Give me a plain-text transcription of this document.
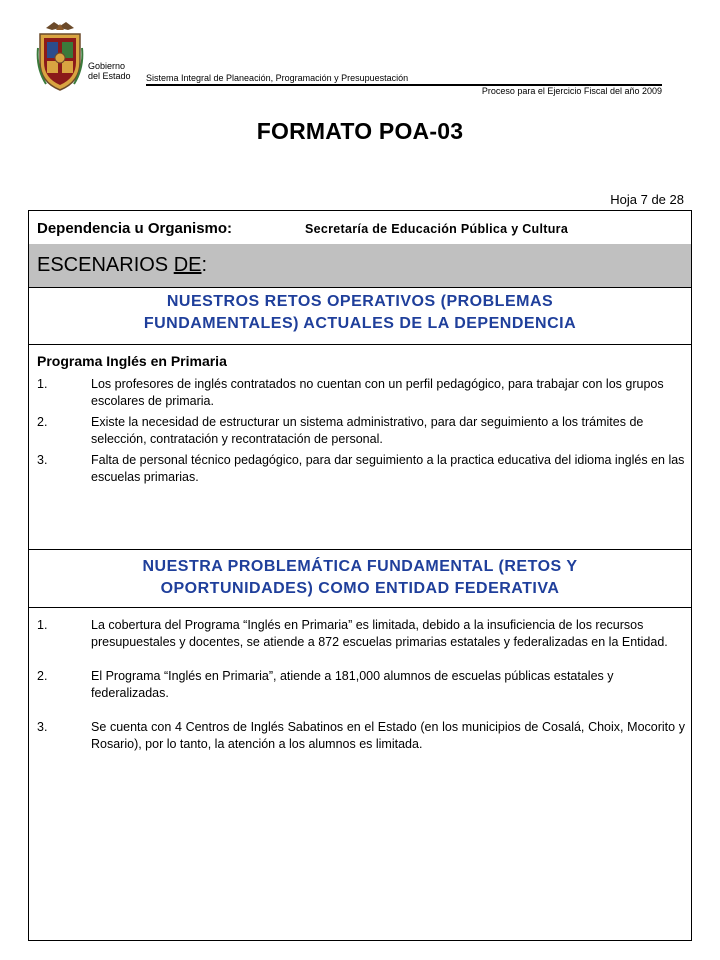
Gobierno
del Estado Sistema Integral de Planeación, Programación y Presupuestación
Proceso para el Ejercicio Fiscal del año 2009
FORMATO POA-03
Hoja 7 de 28
Dependencia u Organismo:	Secretaría de Educación Pública y Cultura
ESCENARIOS DE:
NUESTROS RETOS OPERATIVOS (PROBLEMAS
FUNDAMENTALES) ACTUALES DE LA DEPENDENCIA
Programa Inglés en Primaria
1.	Los profesores de inglés contratados no cuentan con un perfil pedagógico, para trabajar con los grupos escolares de primaria.
2.	Existe la necesidad de estructurar un sistema administrativo, para dar seguimiento a los trámites de selección, contratación y recontratación de personal.
3.	Falta de personal técnico pedagógico, para dar seguimiento a la practica educativa del idioma inglés en las escuelas primarias.
NUESTRA PROBLEMÁTICA FUNDAMENTAL (RETOS Y
OPORTUNIDADES) COMO ENTIDAD FEDERATIVA
1.	La cobertura del Programa “Inglés en Primaria” es limitada, debido a la insuficiencia de los recursos presupuestales y docentes, se atiende a 872 escuelas primarias estatales y federalizadas en la Entidad.
2.	El Programa “Inglés en Primaria”, atiende a 181,000 alumnos de escuelas públicas estatales y federalizadas.
3.	Se cuenta con 4 Centros de Inglés Sabatinos en el Estado (en los municipios de Cosalá, Choix, Mocorito y Rosario), por lo tanto, la atención a los alumnos es limitada.
